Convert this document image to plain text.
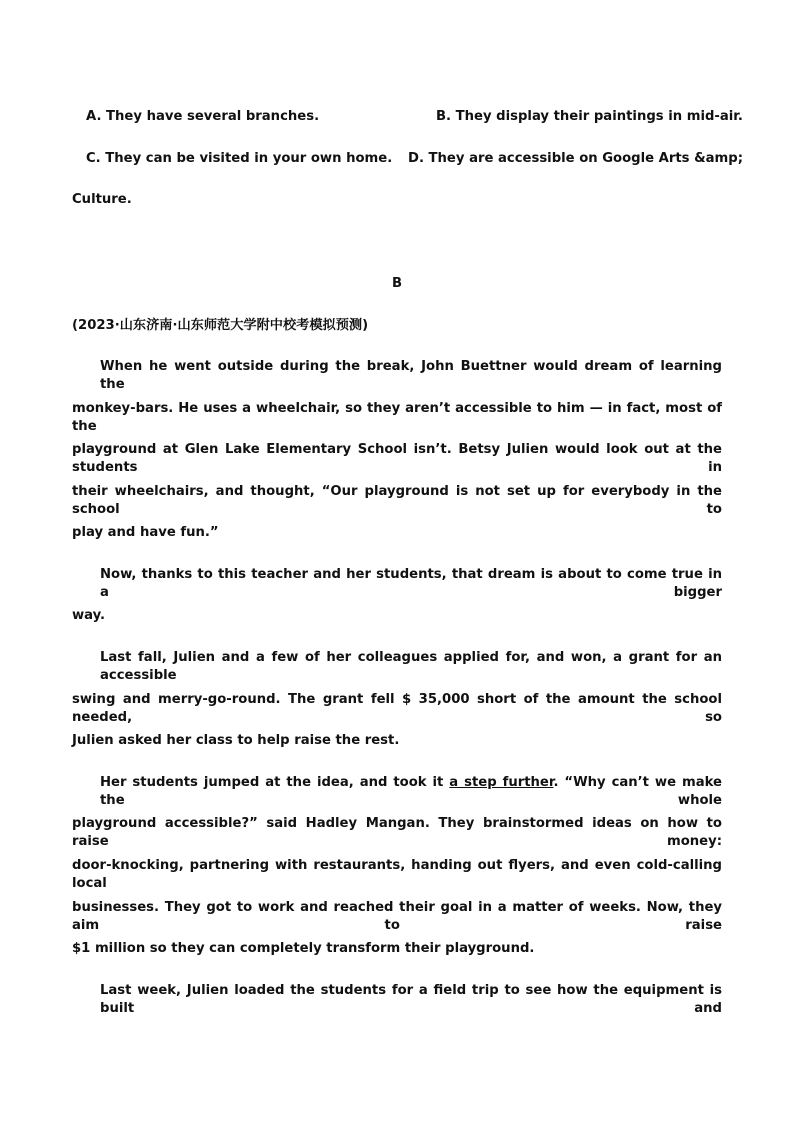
A. They have several branches.	B. They display their paintings in mid-air.
C. They can be visited in your own home. D. They are accessible on Google Arts &amp;
Culture.
B
(2023·山东济南·山东师范大学附中校考模拟预测)
When he went outside during the break, John Buettner would dream of learning the
monkey-bars. He uses a wheelchair, so they aren’t accessible to him — in fact, most of the
playground at Glen Lake Elementary School isn’t. Betsy Julien would look out at the students in
their wheelchairs, and thought, “Our playground is not set up for everybody in the school to
play and have fun.”
Now, thanks to this teacher and her students, that dream is about to come true in a bigger
way.
Last fall, Julien and a few of her colleagues applied for, and won, a grant for an accessible
swing and merry-go-round. The grant fell $ 35,000 short of the amount the school needed, so
Julien asked her class to help raise the rest.
Her students jumped at the idea, and took it a step further. “Why can’t we make the whole
playground accessible?” said Hadley Mangan. They brainstormed ideas on how to raise money:
door-knocking, partnering with restaurants, handing out flyers, and even cold-calling local
businesses. They got to work and reached their goal in a matter of weeks. Now, they aim to raise
$1 million so they can completely transform their playground.
Last week, Julien loaded the students for a field trip to see how the equipment is built and
